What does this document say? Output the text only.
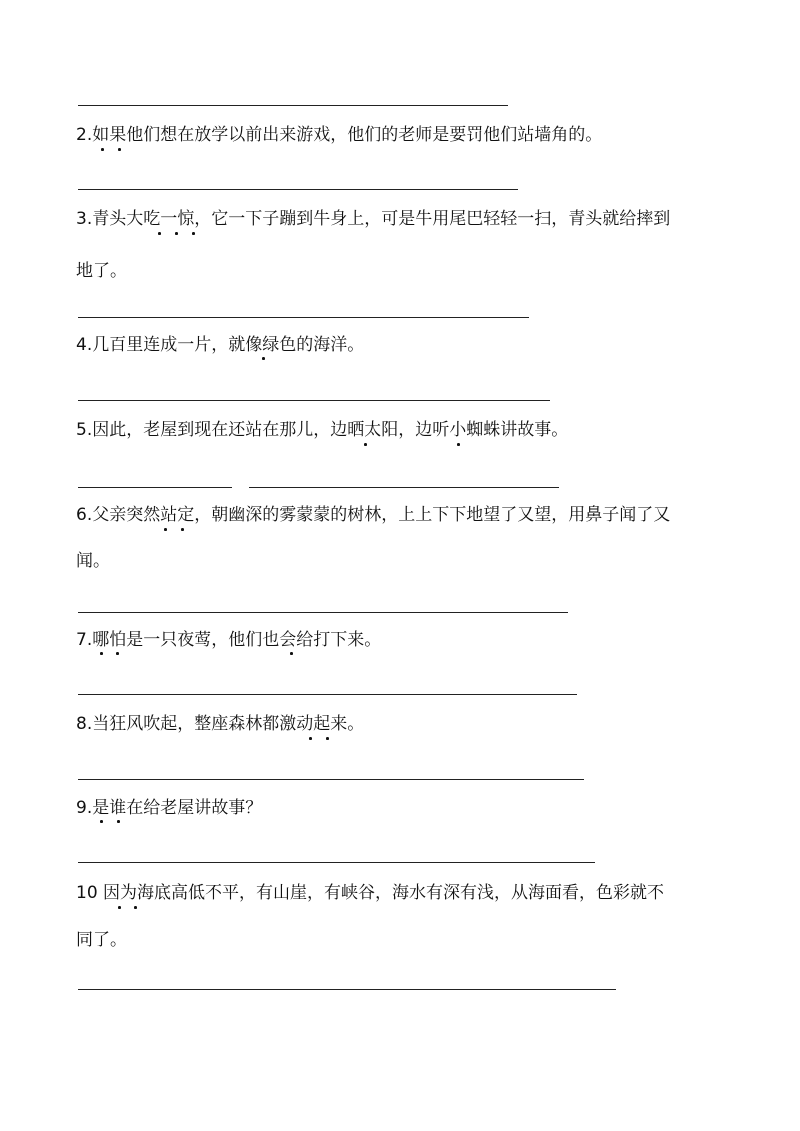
2.如果他们想在放学以前出来游戏，他们的老师是要罚他们站墙角的。
3.青头大吃一惊，它一下子蹦到牛身上，可是牛用尾巴轻轻一扫，青头就给摔到
地了。
4.几百里连成一片，就像绿色的海洋。
5.因此，老屋到现在还站在那儿，边晒太阳，边听小蜘蛛讲故事。
6.父亲突然站定，朝幽深的雾蒙蒙的树林，上上下下地望了又望，用鼻子闻了又
闻。
7.哪怕是一只夜莺，他们也会给打下来。
8.当狂风吹起，整座森林都激动起来。
9.是谁在给老屋讲故事？
10 因为海底高低不平，有山崖，有峡谷，海水有深有浅，从海面看，色彩就不
同了。
